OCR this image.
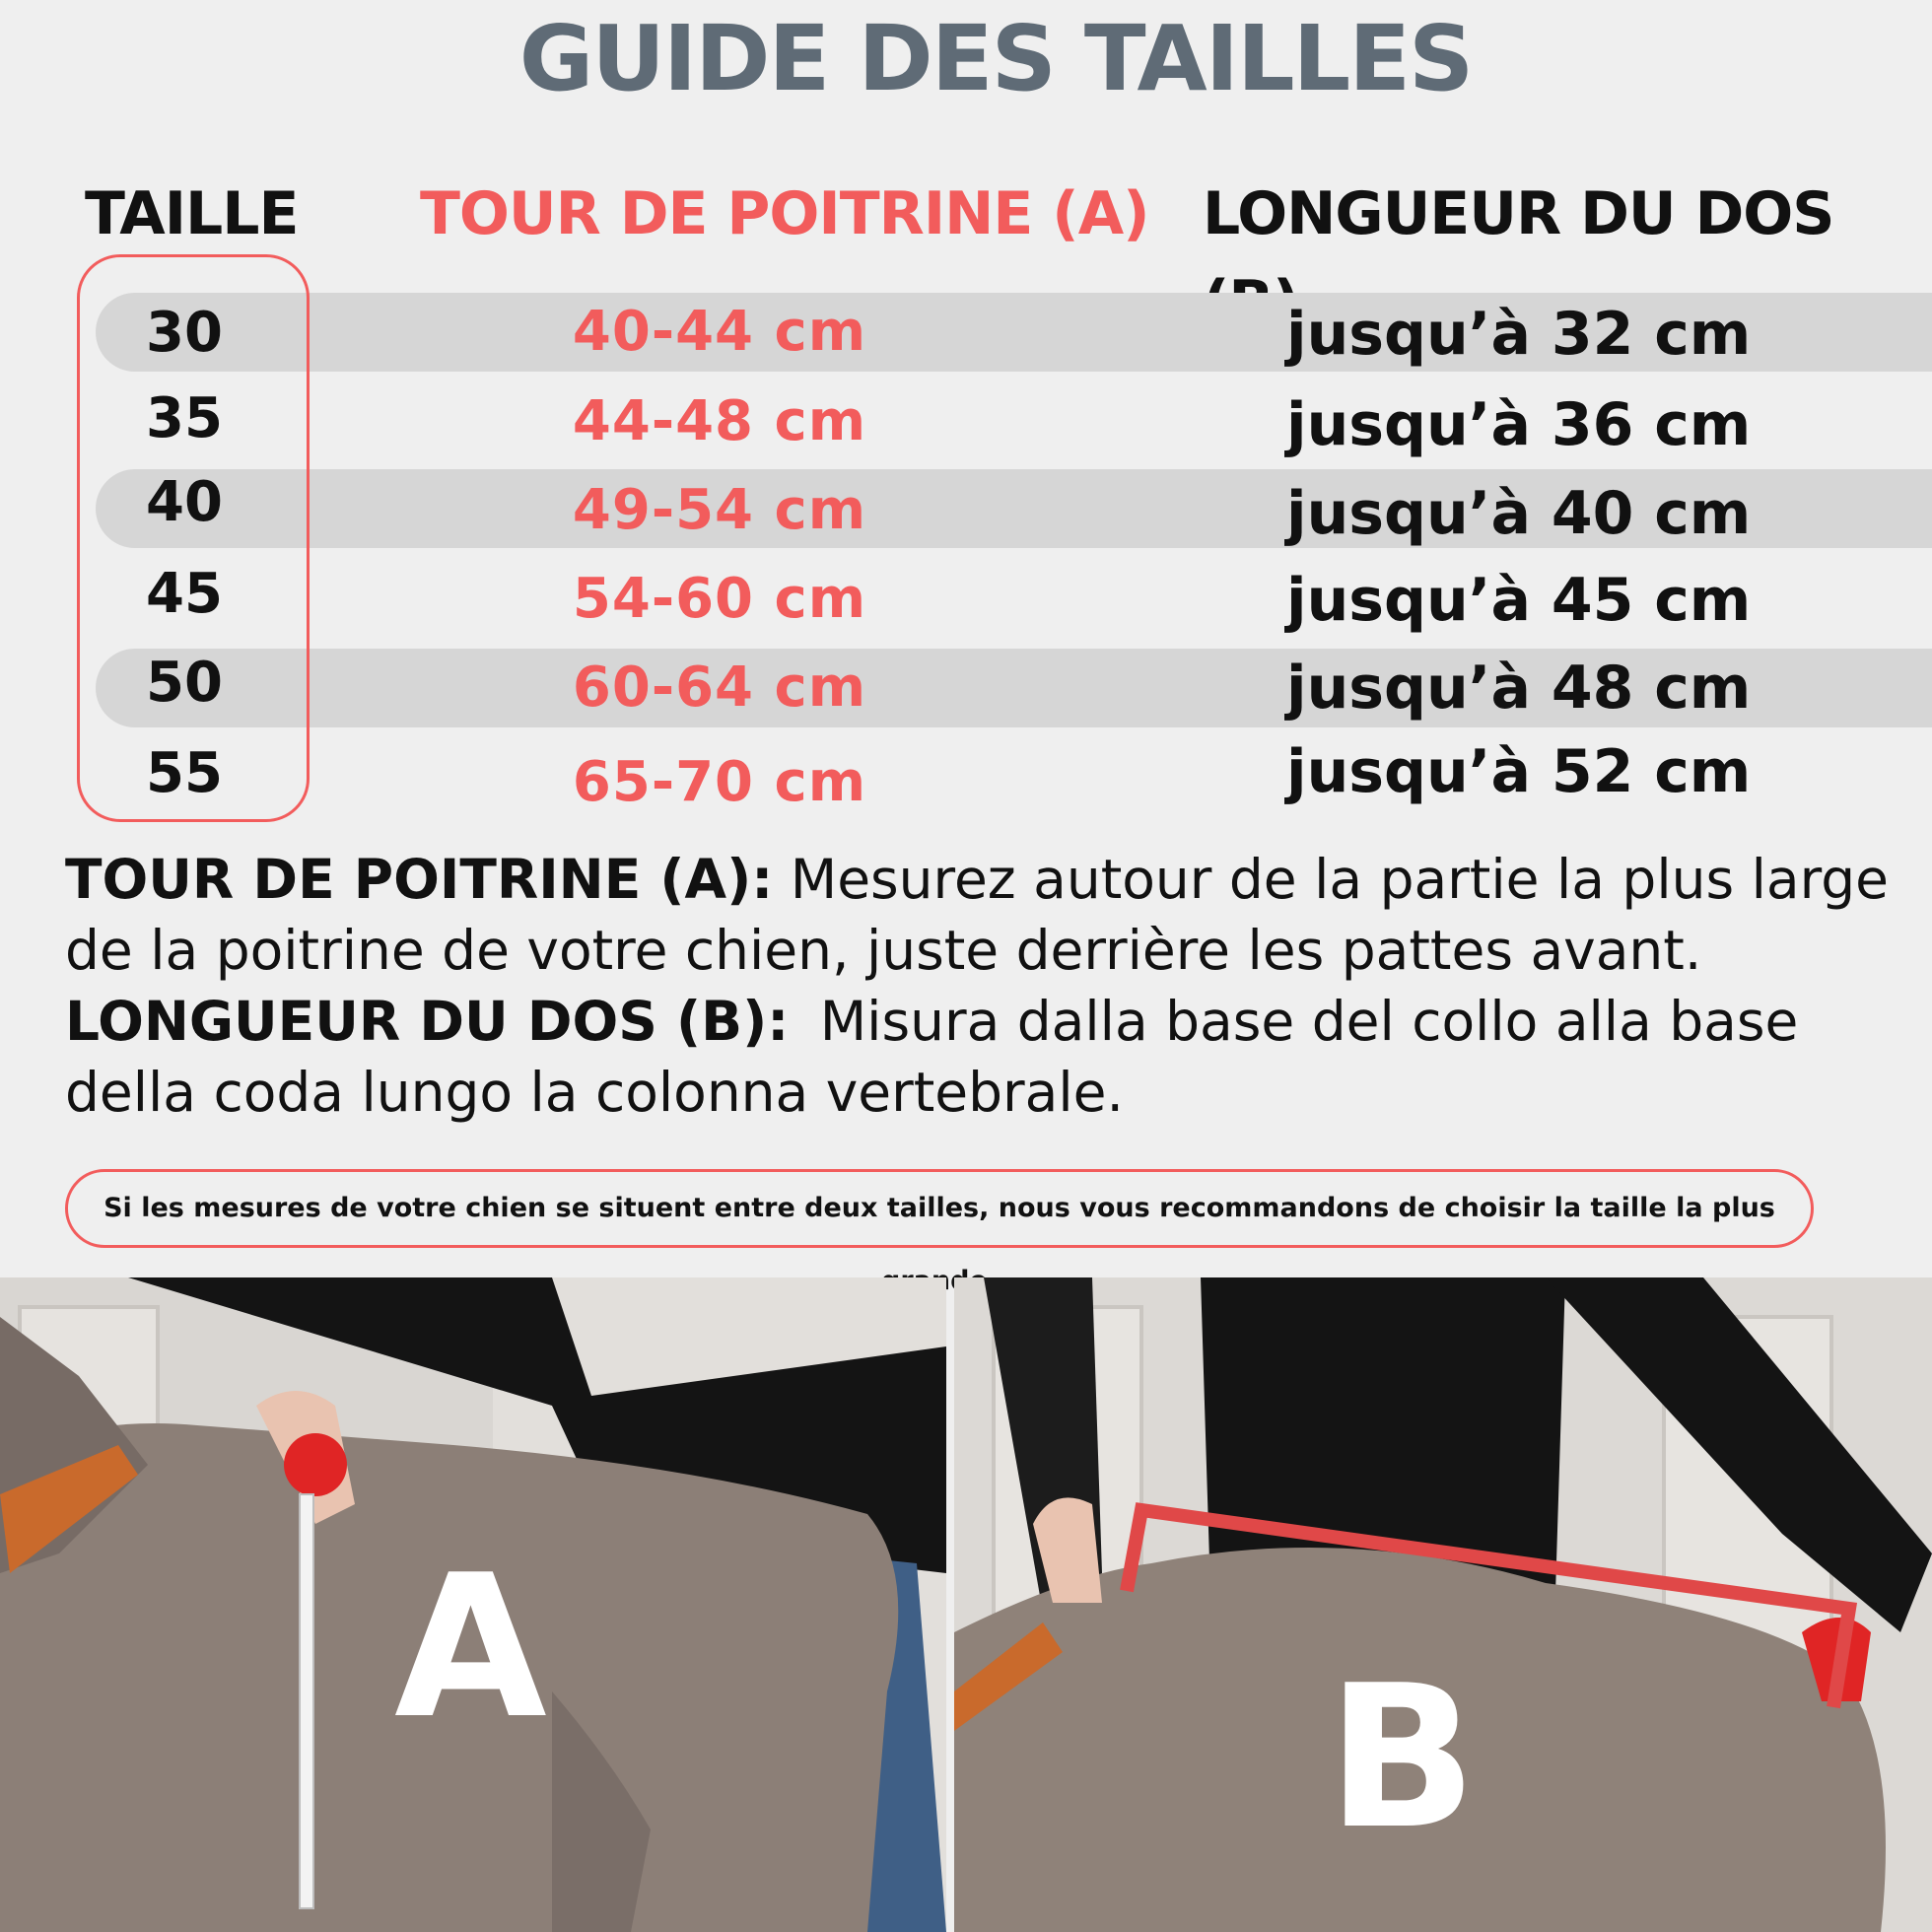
GUIDE DES TAILLES
TAILLE TOUR DE POITRINE (A) LONGUEUR DU DOS
30	40-44 cm	jusqu’à 32 cm
35	44-48 cm	jusqu’à 36 cm
40	49-54 cm	jusqu’à 40 cm
45	54-60 cm	jusqu’à 45 cm
50	60-64 cm	jusqu’à 48 cm
55	65-70 cm	jusqu’à 52 cm
TOUR DE POITRINE (A): Mesurez autour de la partie la plus large de la poitrine de votre chien, juste derrière les pattes avant.
LONGUEUR DU DOS (B): Misura dalla base del collo alla base della coda lungo la colonna vertebrale.
Si les mesures de votre chien se situent entre deux tailles, nous vous recommandons de choisir la taille la plus
A	B
